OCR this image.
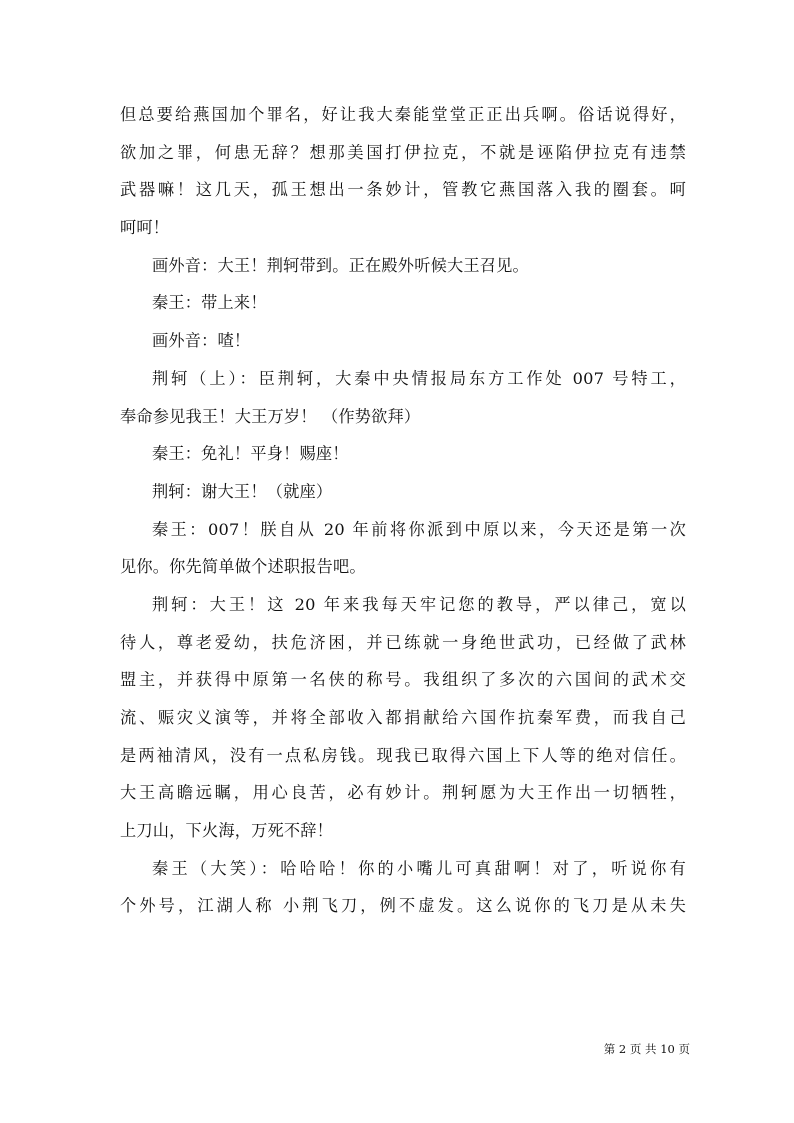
但总要给燕国加个罪名，好让我大秦能堂堂正正出兵啊。俗话说得好，
欲加之罪，何患无辞？想那美国打伊拉克，不就是诬陷伊拉克有违禁
武器嘛！这几天，孤王想出一条妙计，管教它燕国落入我的圈套。呵
呵呵！
画外音：大王！荆轲带到。正在殿外听候大王召见。
秦王：带上来！
画外音：喳！
荆轲（上）：臣荆轲，大秦中央情报局东方工作处 007 号特工，
奉命参见我王！大王万岁！ （作势欲拜）
秦王：免礼！平身！赐座！
荆轲：谢大王！（就座）
秦王：007！朕自从 20 年前将你派到中原以来，今天还是第一次
见你。你先简单做个述职报告吧。
荆轲：大王！这 20 年来我每天牢记您的教导，严以律己，宽以
待人，尊老爱幼，扶危济困，并已练就一身绝世武功，已经做了武林
盟主，并获得中原第一名侠的称号。我组织了多次的六国间的武术交
流、赈灾义演等，并将全部收入都捐献给六国作抗秦军费，而我自己
是两袖清风，没有一点私房钱。现我已取得六国上下人等的绝对信任。
大王高瞻远瞩，用心良苦，必有妙计。荆轲愿为大王作出一切牺牲，
上刀山，下火海，万死不辞！
秦王（大笑）：哈哈哈！你的小嘴儿可真甜啊！对了，听说你有
个外号，江湖人称 小荆飞刀，例不虚发。这么说你的飞刀是从未失
第 2 页 共 10 页
